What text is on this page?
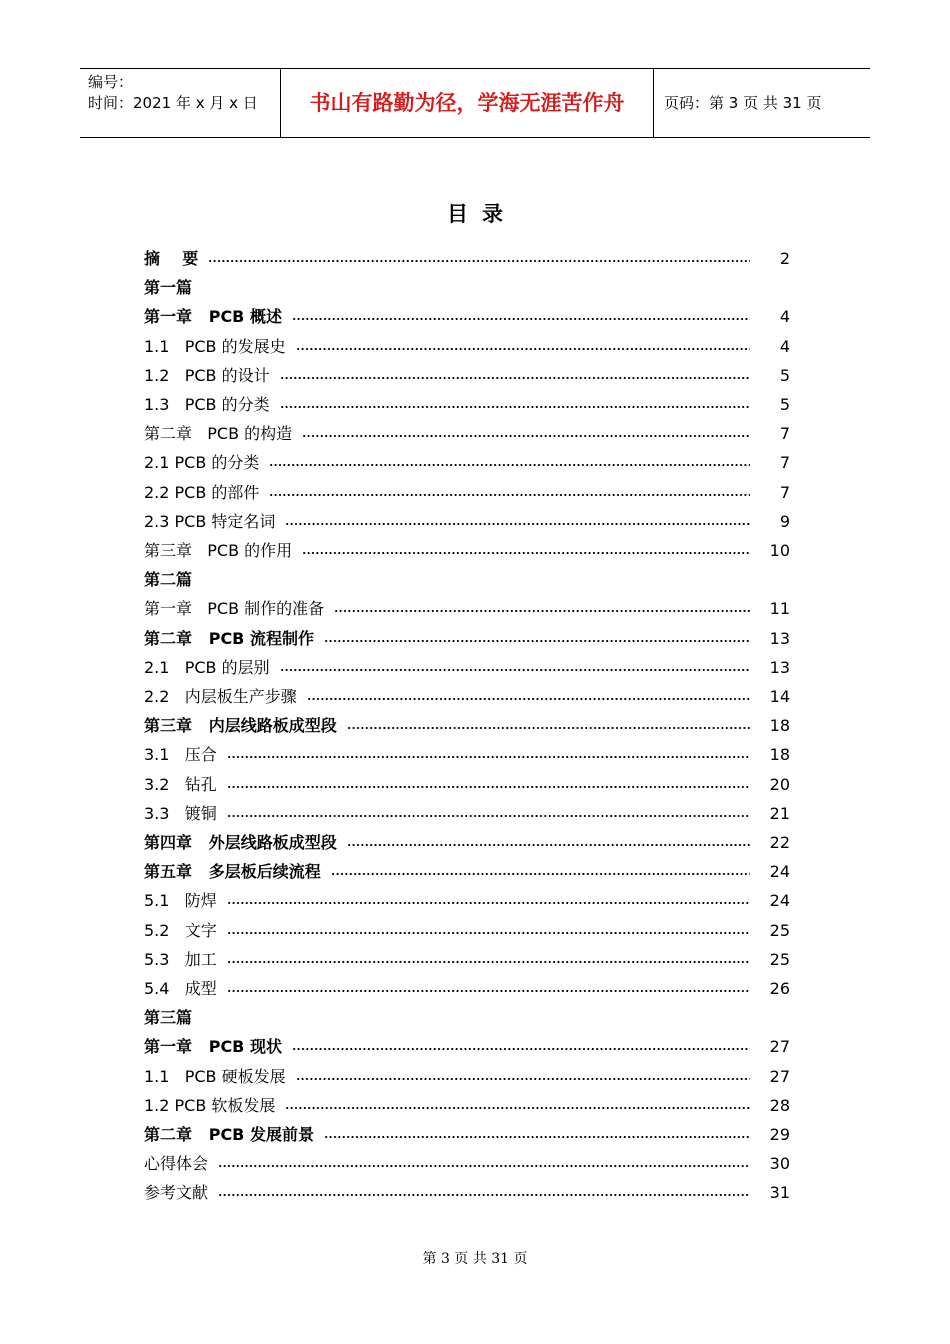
编号：
时间：2021 年 x 月 x 日	书山有路勤为径，学海无涯苦作舟	页码：第 3 页 共 31 页
目录
摘    要	2
第一篇
第一章   PCB 概述	4
1.1   PCB 的发展史	4
1.2   PCB 的设计	5
1.3   PCB 的分类	5
第二章   PCB 的构造	7
2.1 PCB 的分类	7
2.2 PCB 的部件	7
2.3 PCB 特定名词	9
第三章   PCB 的作用	10
第二篇
第一章   PCB 制作的准备	11
第二章   PCB 流程制作	13
2.1   PCB 的层别	13
2.2   内层板生产步骤	14
第三章   内层线路板成型段	18
3.1   压合	18
3.2   钻孔	20
3.3   镀铜	21
第四章   外层线路板成型段	22
第五章   多层板后续流程	24
5.1   防焊	24
5.2   文字	25
5.3   加工	25
5.4   成型	26
第三篇
第一章   PCB 现状	27
1.1   PCB 硬板发展	27
1.2 PCB 软板发展	28
第二章   PCB 发展前景	29
心得体会	30
参考文献	31
第 3 页 共 31 页
